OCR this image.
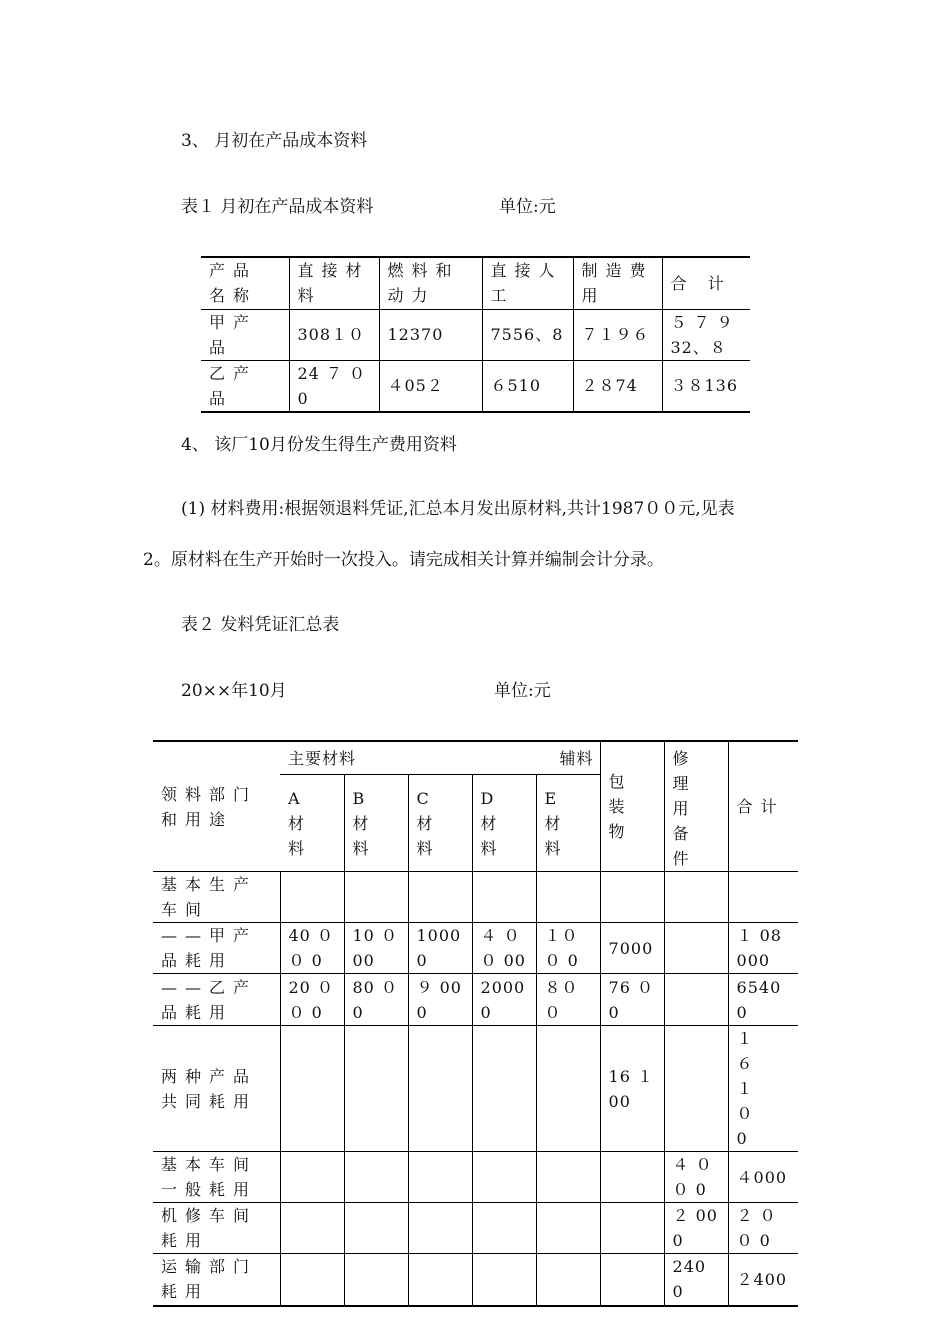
3、 月初在产品成本资料
表１ 月初在产品成本资料	单位:元
产品名称	直接材料	燃料和动力	直接人工	制造费用	合 计
甲产品	308１０	12370	7556、8	７１９６	５ ７ ９ 32、８
乙产品	24 ７ ０ 0	４05２	６510	２８74	３８136
4、 该厂10月份发生得生产费用资料
(1) 材料费用:根据领退料凭证,汇总本月发出原材料,共计1987００元,见表
2。原材料在生产开始时一次投入。请完成相关计算并编制会计分录。
表２ 发料凭证汇总表
20××年10月	单位:元
领料部门和用途	主要材料			辅料		包装物	修理用备件	合计
	A 材料	B 材料	C 材料	D 材料	E 材料			
基本生产车间								
——甲产品耗用	40 ０ ０ 0	10 ０ 00	10000	４ ０ ０ 00	１００ 0	7000		１ 08000
——乙产品耗用	20 ０ ０ 0	80 ０ 0	９ 000	20000	８００	76 ０ 0		6540 0
两种产品共同耗用						16 １ 00		１ ６ １ ０ 0
基本车间一般耗用							４ ０ ０ 0	４000
机修车间耗用							２ 000	２ ０ ０ 0
运输部门耗用							240 0	２400
